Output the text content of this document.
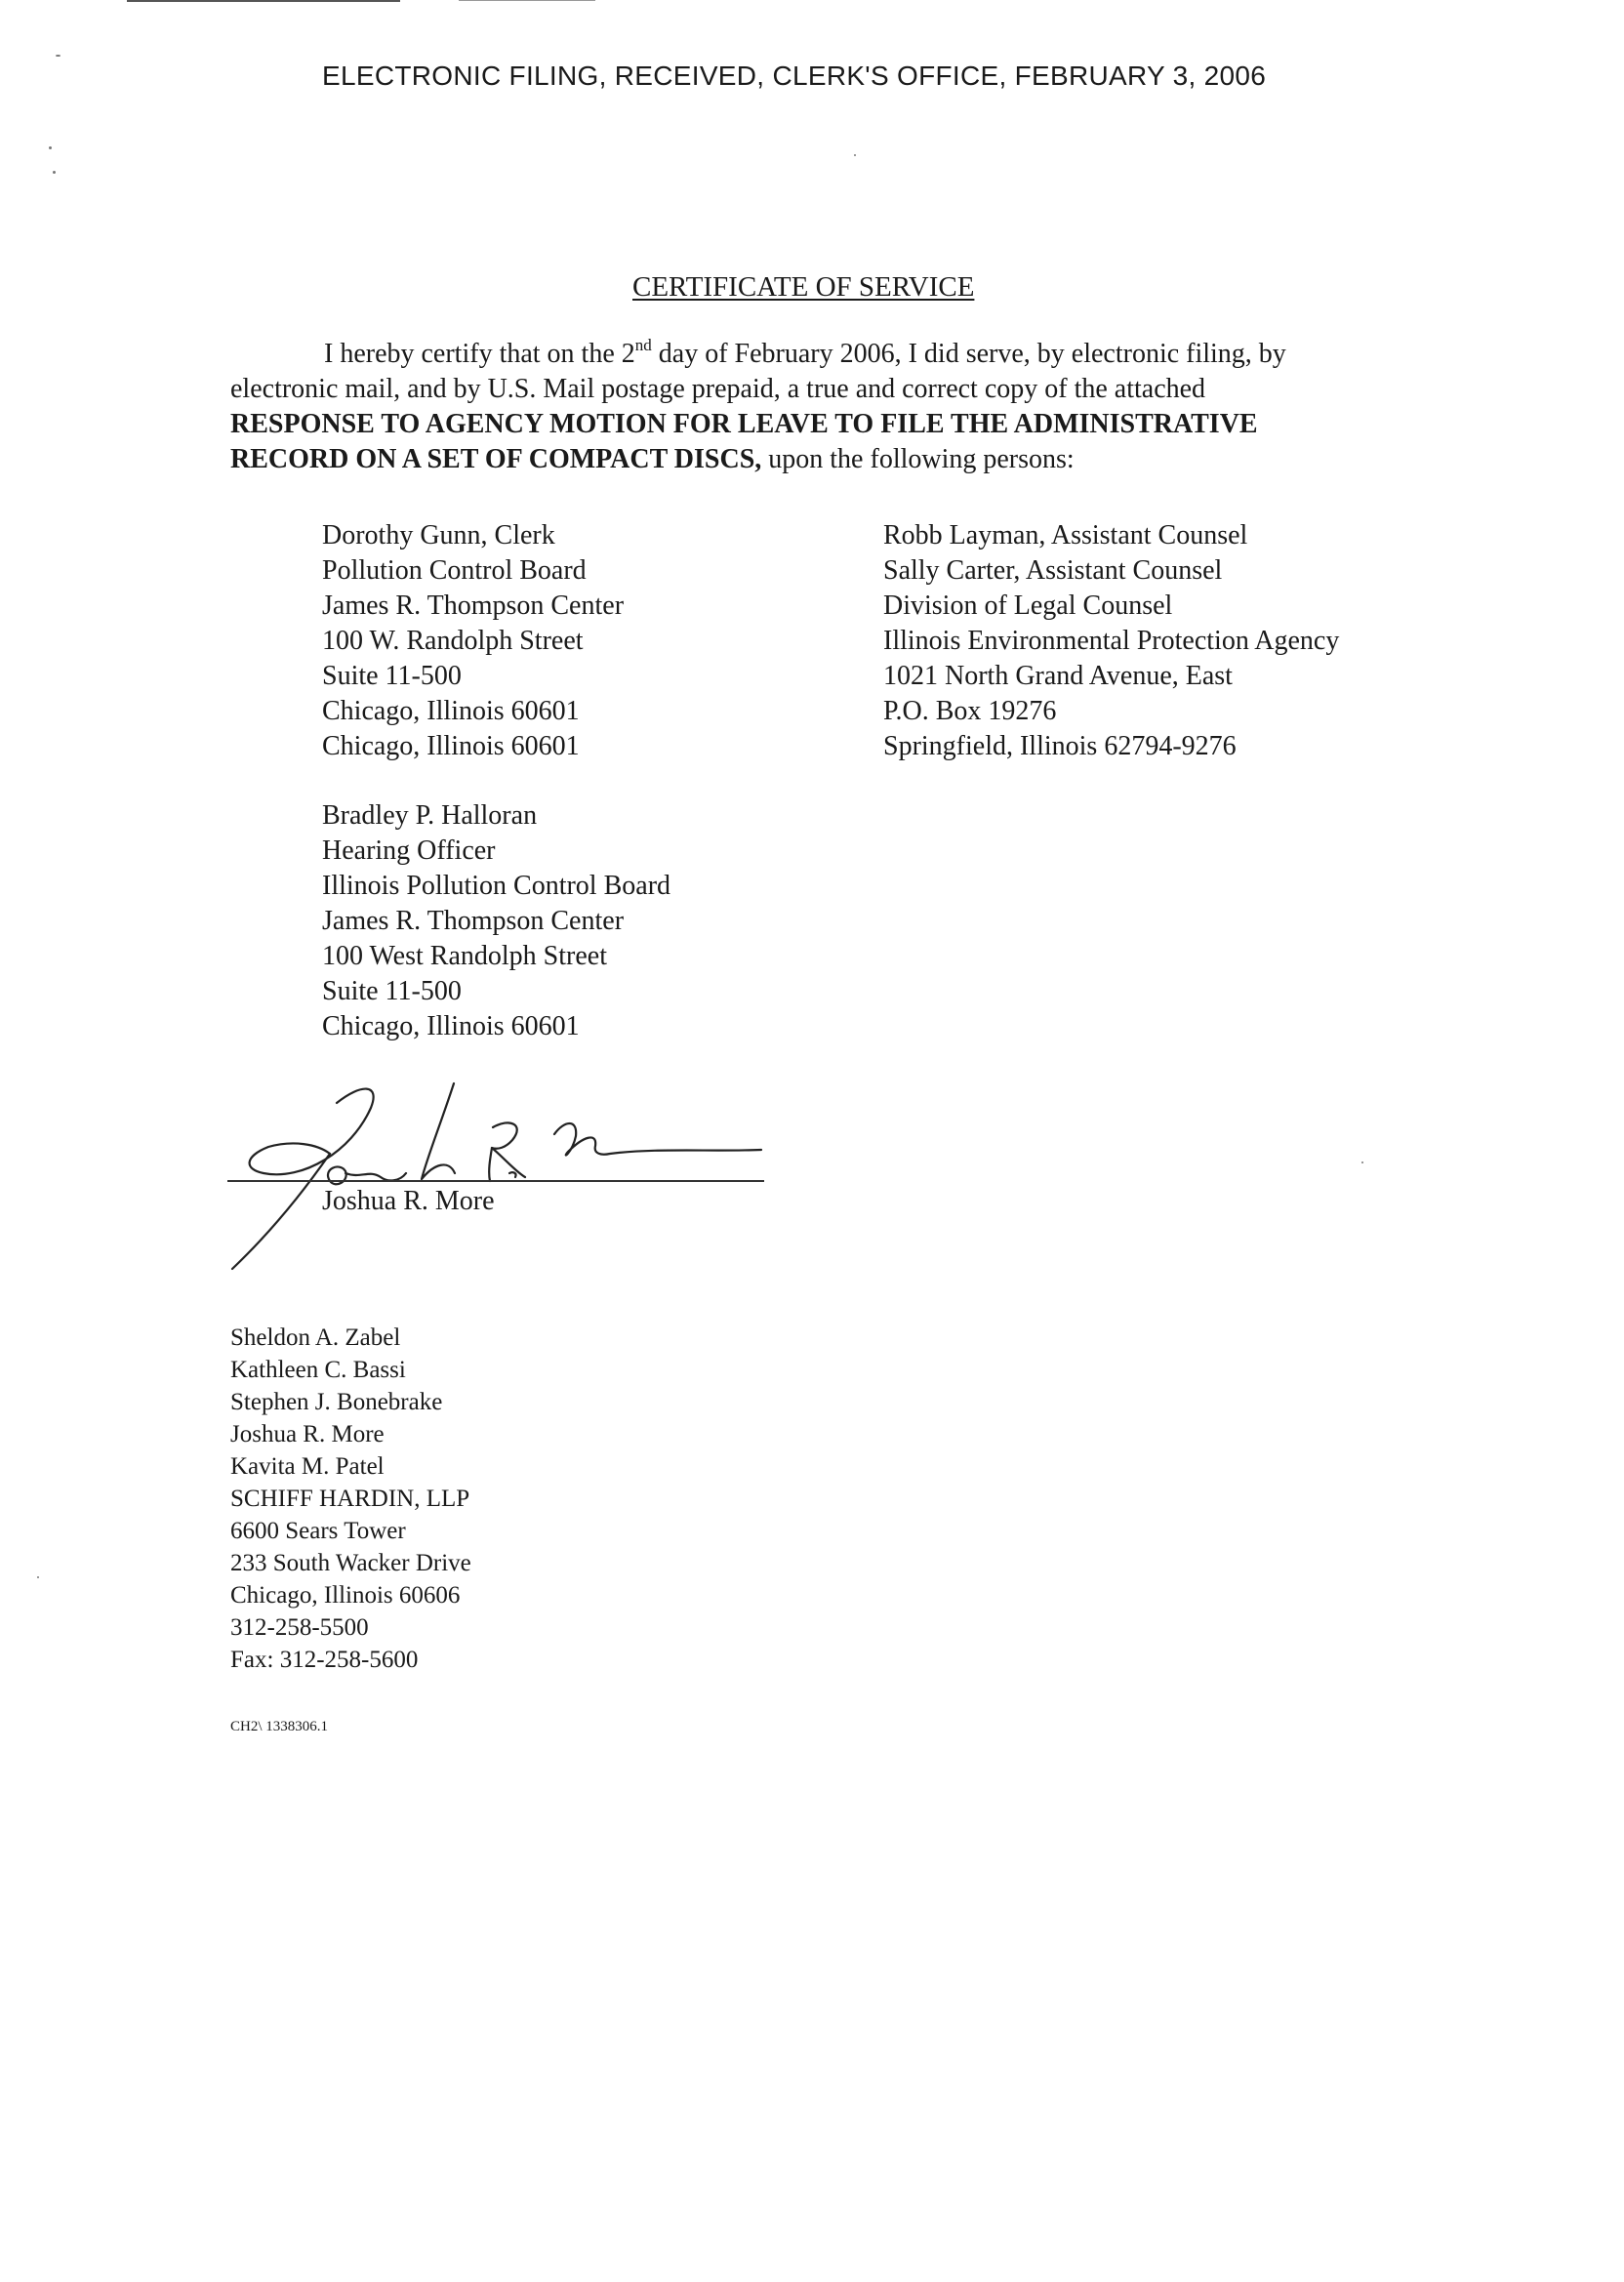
ELECTRONIC FILING, RECEIVED, CLERK'S OFFICE, FEBRUARY 3, 2006
CERTIFICATE OF SERVICE
I hereby certify that on the 2nd day of February 2006, I did serve, by electronic filing, by
electronic mail, and by U.S. Mail postage prepaid, a true and correct copy of the attached
RESPONSE TO AGENCY MOTION FOR LEAVE TO FILE THE ADMINISTRATIVE
RECORD ON A SET OF COMPACT DISCS, upon the following persons:
Dorothy Gunn, Clerk
Pollution Control Board
James R. Thompson Center
100 W. Randolph Street
Suite 11-500
Chicago, Illinois 60601
Chicago, Illinois 60601
Robb Layman, Assistant Counsel
Sally Carter, Assistant Counsel
Division of Legal Counsel
Illinois Environmental Protection Agency
1021 North Grand Avenue, East
P.O. Box 19276
Springfield, Illinois 62794-9276
Bradley P. Halloran
Hearing Officer
Illinois Pollution Control Board
James R. Thompson Center
100 West Randolph Street
Suite 11-500
Chicago, Illinois 60601
Joshua R. More
Sheldon A. Zabel
Kathleen C. Bassi
Stephen J. Bonebrake
Joshua R. More
Kavita M. Patel
SCHIFF HARDIN, LLP
6600 Sears Tower
233 South Wacker Drive
Chicago, Illinois 60606
312-258-5500
Fax: 312-258-5600
CH2\ 1338306.1
